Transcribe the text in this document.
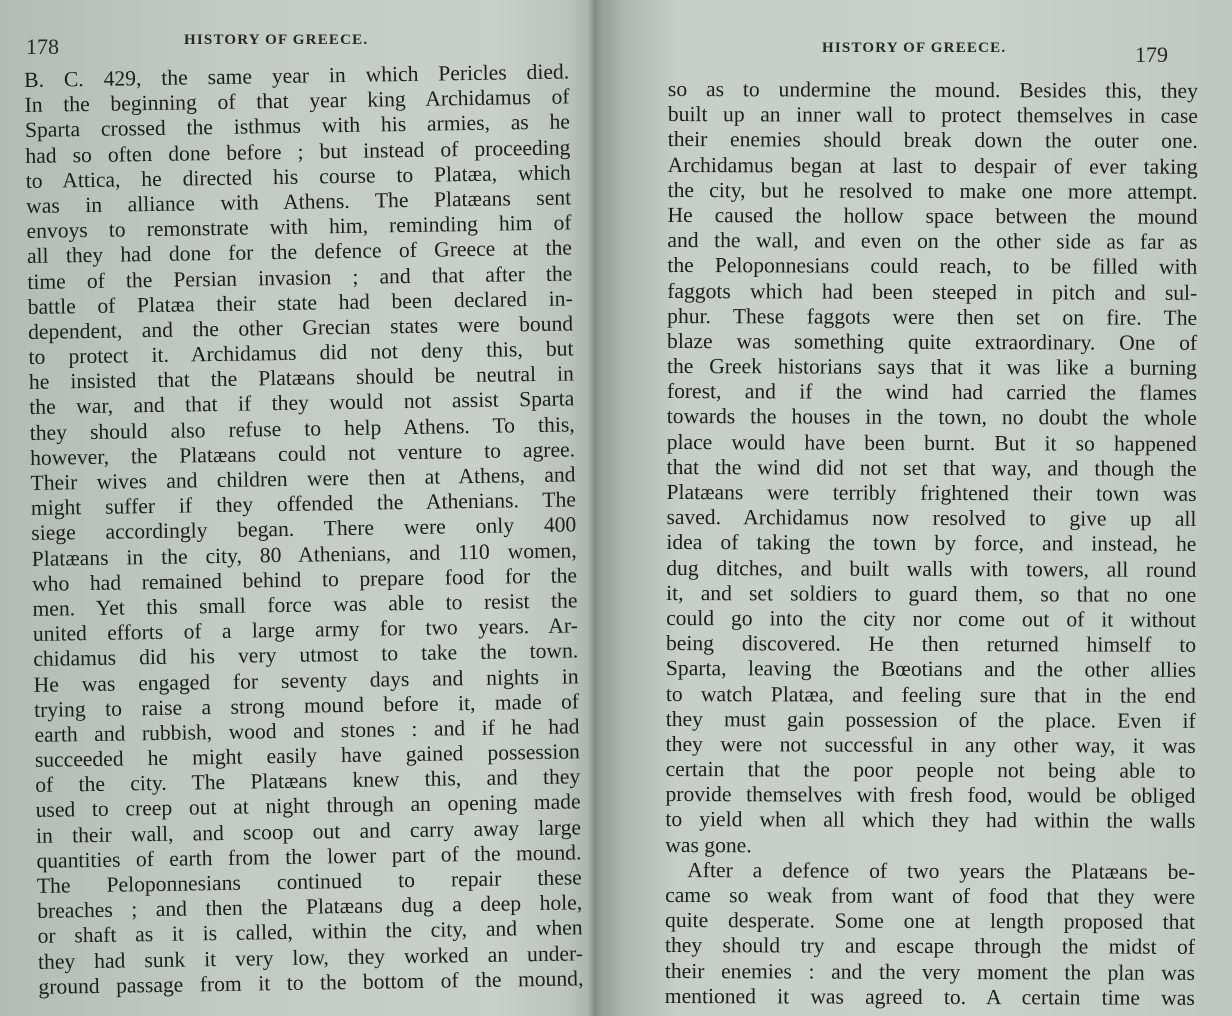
178	HISTORY OF GREECE.
B. C. 429, the same year in which Pericles died.
In the beginning of that year king Archidamus of
Sparta crossed the isthmus with his armies, as he
had so often done before ; but instead of proceeding
to Attica, he directed his course to Platæa, which
was in alliance with Athens. The Platæans sent
envoys to remonstrate with him, reminding him of
all they had done for the defence of Greece at the
time of the Persian invasion ; and that after the
battle of Platæa their state had been declared in-
dependent, and the other Grecian states were bound
to protect it. Archidamus did not deny this, but
he insisted that the Platæans should be neutral in
the war, and that if they would not assist Sparta
they should also refuse to help Athens. To this,
however, the Platæans could not venture to agree.
Their wives and children were then at Athens, and
might suffer if they offended the Athenians. The
siege accordingly began. There were only 400
Platæans in the city, 80 Athenians, and 110 women,
who had remained behind to prepare food for the
men. Yet this small force was able to resist the
united efforts of a large army for two years. Ar-
chidamus did his very utmost to take the town.
He was engaged for seventy days and nights in
trying to raise a strong mound before it, made of
earth and rubbish, wood and stones : and if he had
succeeded he might easily have gained possession
of the city. The Platæans knew this, and they
used to creep out at night through an opening made
in their wall, and scoop out and carry away large
quantities of earth from the lower part of the mound.
The Peloponnesians continued to repair these
breaches ; and then the Platæans dug a deep hole,
or shaft as it is called, within the city, and when
they had sunk it very low, they worked an under-
ground passage from it to the bottom of the mound,
HISTORY OF GREECE.	179
so as to undermine the mound. Besides this, they
built up an inner wall to protect themselves in case
their enemies should break down the outer one.
Archidamus began at last to despair of ever taking
the city, but he resolved to make one more attempt.
He caused the hollow space between the mound
and the wall, and even on the other side as far as
the Peloponnesians could reach, to be filled with
faggots which had been steeped in pitch and sul-
phur. These faggots were then set on fire. The
blaze was something quite extraordinary. One of
the Greek historians says that it was like a burning
forest, and if the wind had carried the flames
towards the houses in the town, no doubt the whole
place would have been burnt. But it so happened
that the wind did not set that way, and though the
Platæans were terribly frightened their town was
saved. Archidamus now resolved to give up all
idea of taking the town by force, and instead, he
dug ditches, and built walls with towers, all round
it, and set soldiers to guard them, so that no one
could go into the city nor come out of it without
being discovered. He then returned himself to
Sparta, leaving the Bœotians and the other allies
to watch Platæa, and feeling sure that in the end
they must gain possession of the place. Even if
they were not successful in any other way, it was
certain that the poor people not being able to
provide themselves with fresh food, would be obliged
to yield when all which they had within the walls
was gone.
After a defence of two years the Platæans be-
came so weak from want of food that they were
quite desperate. Some one at length proposed that
they should try and escape through the midst of
their enemies : and the very moment the plan was
mentioned it was agreed to. A certain time was
